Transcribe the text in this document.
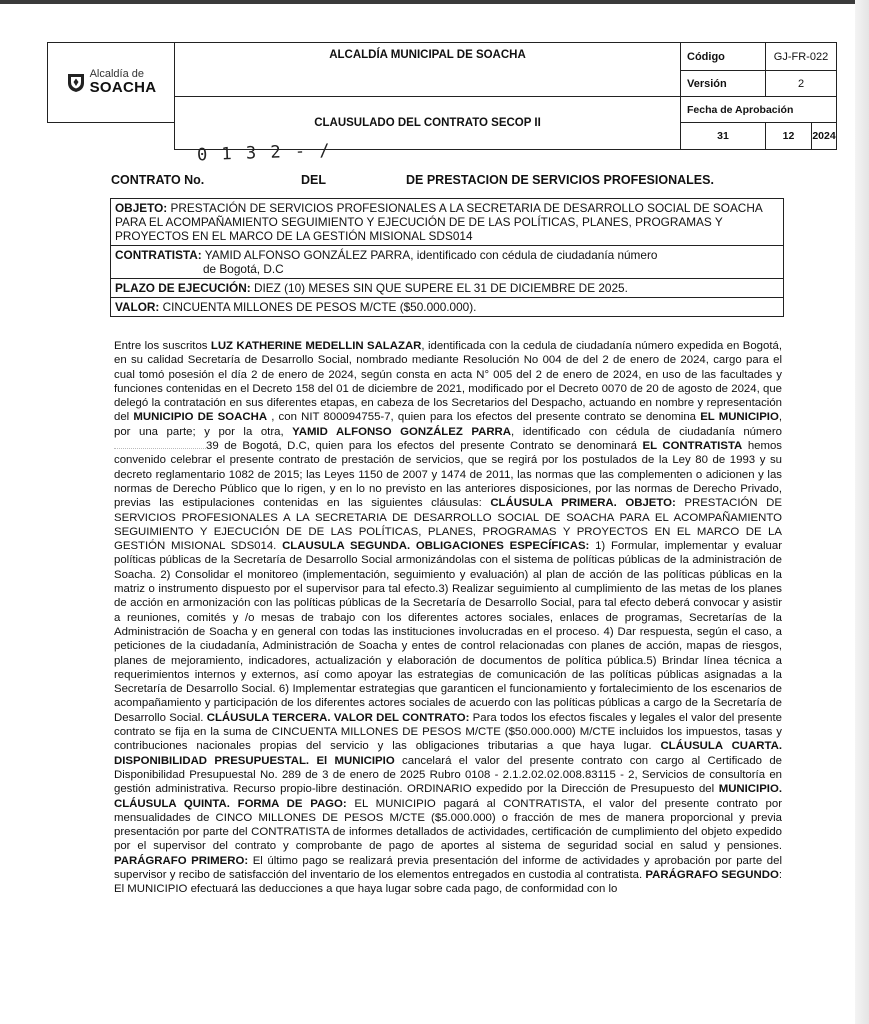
Alcaldía de
SOACHA	ALCALDÍA MUNICIPAL DE SOACHA	Código	GJ-FR-022	
		Versión	2	
	CLAUSULADO DEL CONTRATO SECOP II	Fecha de Aprobación		
		31	12	2024
0 1 3 2 - /
CONTRATO No.	DEL	DE PRESTACION DE SERVICIOS PROFESIONALES.
OBJETO: PRESTACIÓN DE SERVICIOS PROFESIONALES A LA SECRETARIA DE DESARROLLO SOCIAL DE SOACHA PARA EL ACOMPAÑAMIENTO SEGUIMIENTO Y EJECUCIÓN DE DE LAS POLÍTICAS, PLANES, PROGRAMAS Y PROYECTOS EN EL MARCO DE LA GESTIÓN MISIONAL SDS014
CONTRATISTA: YAMID ALFONSO GONZÁLEZ PARRA, identificado con cédula de ciudadanía número
de Bogotá, D.C
PLAZO DE EJECUCIÓN: DIEZ (10) MESES SIN QUE SUPERE EL 31 DE DICIEMBRE DE 2025.
VALOR: CINCUENTA MILLONES DE PESOS M/CTE ($50.000.000).

Entre los suscritos LUZ KATHERINE MEDELLIN SALAZAR, identificada con la cedula de ciudadanía número expedida en Bogotá, en su calidad Secretaría de Desarrollo Social, nombrado mediante Resolución No 004 de del 2 de enero de 2024, cargo para el cual tomó posesión el día 2 de enero de 2024, según consta en acta N° 005 del 2 de enero de 2024, en uso de las facultades y funciones contenidas en el Decreto 158 del 01 de diciembre de 2021, modificado por el Decreto 0070 de 20 de agosto de 2024, que delegó la contratación en sus diferentes etapas, en cabeza de los Secretarios del Despacho, actuando en nombre y representación del MUNICIPIO DE SOACHA , con NIT 800094755-7, quien para los efectos del presente contrato se denomina EL MUNICIPIO, por una parte; y por la otra, YAMID ALFONSO GONZÁLEZ PARRA, identificado con cédula de ciudadanía número 39 de Bogotá, D.C, quien para los efectos del presente Contrato se denominará EL CONTRATISTA hemos convenido celebrar el presente contrato de prestación de servicios, que se regirá por los postulados de la Ley 80 de 1993 y su decreto reglamentario 1082 de 2015; las Leyes 1150 de 2007 y 1474 de 2011, las normas que las complementen o adicionen y las normas de Derecho Público que lo rigen, y en lo no previsto en las anteriores disposiciones, por las normas de Derecho Privado, previas las estipulaciones contenidas en las siguientes cláusulas: CLÁUSULA PRIMERA. OBJETO: PRESTACIÓN DE SERVICIOS PROFESIONALES A LA SECRETARIA DE DESARROLLO SOCIAL DE SOACHA PARA EL ACOMPAÑAMIENTO SEGUIMIENTO Y EJECUCIÓN DE DE LAS POLÍTICAS, PLANES, PROGRAMAS Y PROYECTOS EN EL MARCO DE LA GESTIÓN MISIONAL SDS014. CLAUSULA SEGUNDA. OBLIGACIONES ESPECÍFICAS: 1) Formular, implementar y evaluar políticas públicas de la Secretaría de Desarrollo Social armonizándolas con el sistema de políticas públicas de la administración de Soacha. 2) Consolidar el monitoreo (implementación, seguimiento y evaluación) al plan de acción de las políticas públicas en la matriz o instrumento dispuesto por el supervisor para tal efecto.3) Realizar seguimiento al cumplimiento de las metas de los planes de acción en armonización con las políticas públicas de la Secretaría de Desarrollo Social, para tal efecto deberá convocar y asistir a reuniones, comités y /o mesas de trabajo con los diferentes actores sociales, enlaces de programas, Secretarías de la Administración de Soacha y en general con todas las instituciones involucradas en el proceso. 4) Dar respuesta, según el caso, a peticiones de la ciudadanía, Administración de Soacha y entes de control relacionadas con planes de acción, mapas de riesgos, planes de mejoramiento, indicadores, actualización y elaboración de documentos de política pública.5) Brindar línea técnica a requerimientos internos y externos, así como apoyar las estrategias de comunicación de las políticas públicas asignadas a la Secretaría de Desarrollo Social. 6) Implementar estrategias que garanticen el funcionamiento y fortalecimiento de los escenarios de acompañamiento y participación de los diferentes actores sociales de acuerdo con las políticas públicas a cargo de la Secretaría de Desarrollo Social. CLÁUSULA TERCERA. VALOR DEL CONTRATO: Para todos los efectos fiscales y legales el valor del presente contrato se fija en la suma de CINCUENTA MILLONES DE PESOS M/CTE ($50.000.000) M/CTE incluidos los impuestos, tasas y contribuciones nacionales propias del servicio y las obligaciones tributarias a que haya lugar. CLÁUSULA CUARTA. DISPONIBILIDAD PRESUPUESTAL. El MUNICIPIO cancelará el valor del presente contrato con cargo al Certificado de Disponibilidad Presupuestal No. 289 de 3 de enero de 2025 Rubro 0108 - 2.1.2.02.02.008.83115 - 2, Servicios de consultoría en gestión administrativa. Recurso propio-libre destinación. ORDINARIO expedido por la Dirección de Presupuesto del MUNICIPIO. CLÁUSULA QUINTA. FORMA DE PAGO: EL MUNICIPIO pagará al CONTRATISTA, el valor del presente contrato por mensualidades de CINCO MILLONES DE PESOS M/CTE ($5.000.000) o fracción de mes de manera proporcional y previa presentación por parte del CONTRATISTA de informes detallados de actividades, certificación de cumplimiento del objeto expedido por el supervisor del contrato y comprobante de pago de aportes al sistema de seguridad social en salud y pensiones. PARÁGRAFO PRIMERO: El último pago se realizará previa presentación del informe de actividades y aprobación por parte del supervisor y recibo de satisfacción del inventario de los elementos entregados en custodia al contratista. PARÁGRAFO SEGUNDO: El MUNICIPIO efectuará las deducciones a que haya lugar sobre cada pago, de conformidad con lo
